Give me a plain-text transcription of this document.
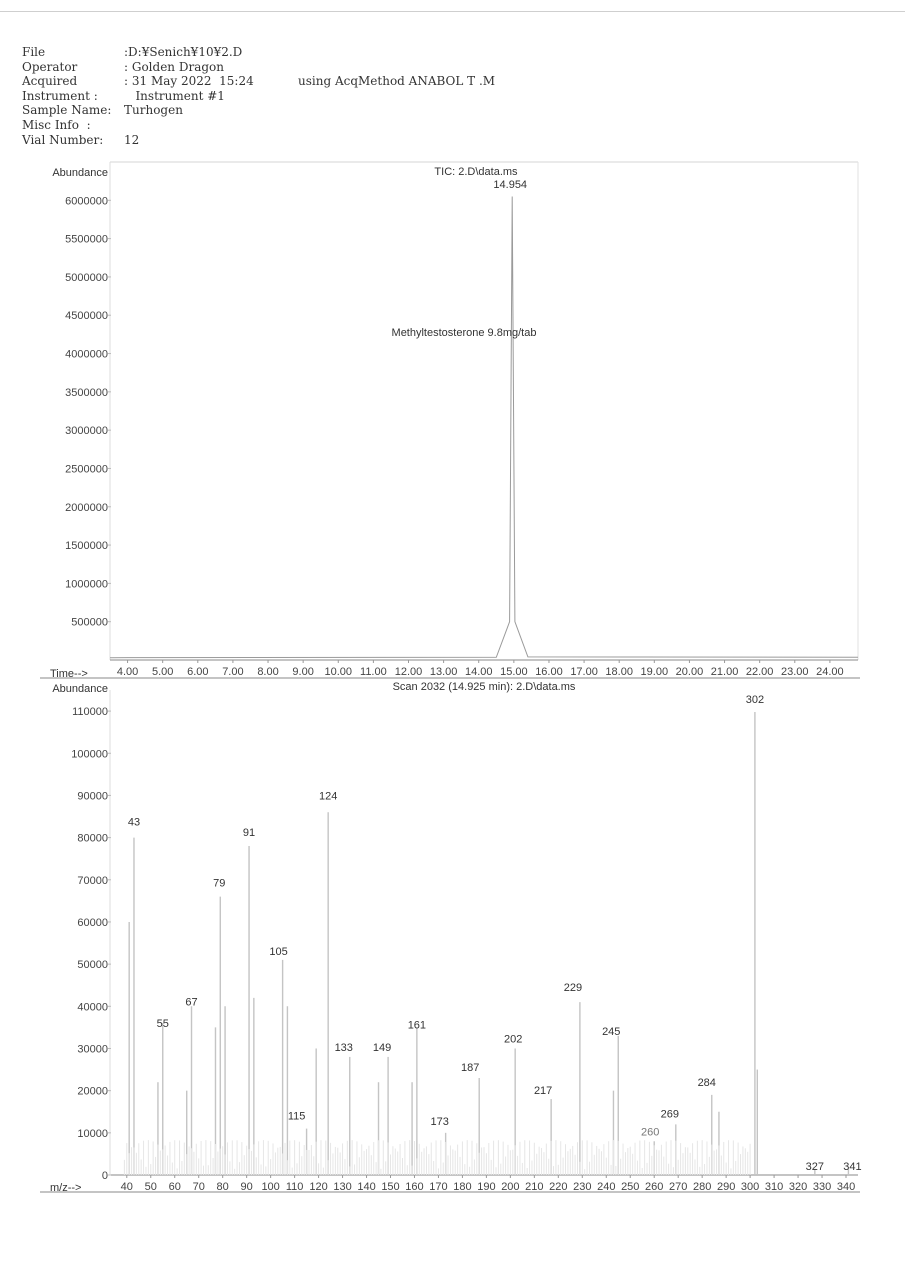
File	:D:¥Senich¥10¥2.D
Operator	: Golden Dragon
Acquired	: 31 May 2022  15:24
Instrument :   Instrument #1
Sample Name: Turhogen
Misc Info  :
Vial Number: 12
using AcqMethod ANABOL T .M
Abundance
Time-->
TIC: 2.D\data.ms
500000
1000000
1500000
2000000
2500000
3000000
3500000
4000000
4500000
5000000
5500000
6000000
4.00 5.00 6.00 7.00 8.00 9.00 10.00 11.00 12.00 13.00 14.00 15.00 16.00 17.00 18.00 19.00 20.00 21.00 22.00 23.00 24.00
14.954
Methyltestosterone 9.8mg/tab
Abundance
m/z-->
Scan 2032 (14.925 min): 2.D\data.ms
0
10000
20000
30000
40000
50000
60000
70000
80000
90000
100000
110000
40 50 60 70 80 90 100 110 120 130 140 150 160 170 180 190 200 210 220 230 240 250 260 270 280 290 300 310 320 330 340
43
55
67
79
91
105
115
124
133 149
161
173
187
202
217
229
245
260
269
284
302
327 341
